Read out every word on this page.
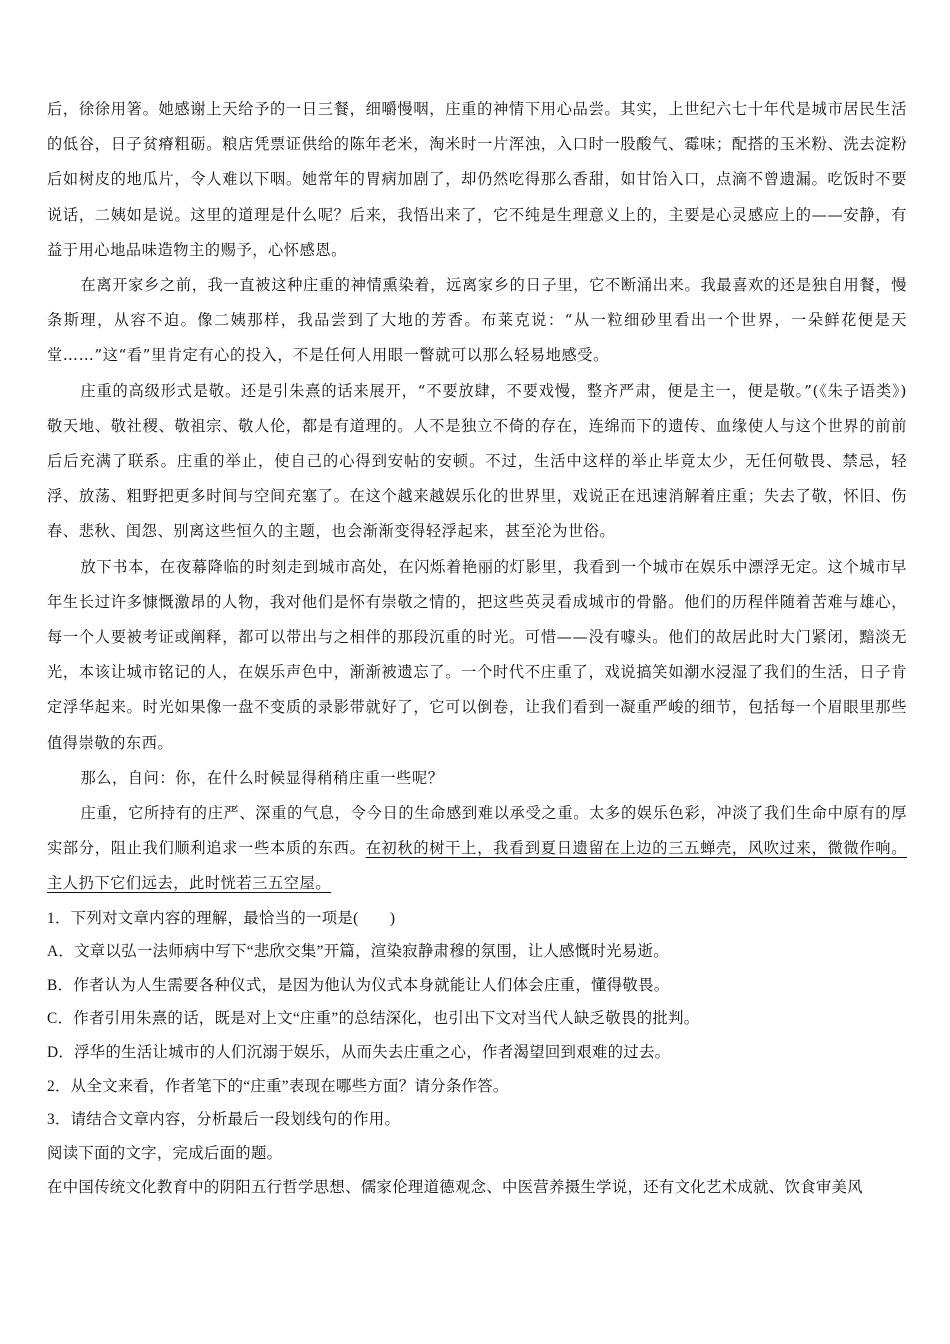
后，徐徐用箸。她感谢上天给予的一日三餐，细嚼慢咽，庄重的神情下用心品尝。其实，上世纪六七十年代是城市居民生活的低谷，日子贫瘠粗砺。粮店凭票证供给的陈年老米，淘米时一片浑浊，入口时一股酸气、霉味；配搭的玉米粉、洗去淀粉后如树皮的地瓜片，令人难以下咽。她常年的胃病加剧了，却仍然吃得那么香甜，如甘饴入口，点滴不曾遗漏。吃饭时不要说话，二姨如是说。这里的道理是什么呢？后来，我悟出来了，它不纯是生理意义上的，主要是心灵感应上的——安静，有益于用心地品味造物主的赐予，心怀感恩。

在离开家乡之前，我一直被这种庄重的神情熏染着，远离家乡的日子里，它不断涌出来。我最喜欢的还是独自用餐，慢条斯理，从容不迫。像二姨那样，我品尝到了大地的芳香。布莱克说：“从一粒细砂里看出一个世界，一朵鲜花便是天堂……”这“看”里肯定有心的投入，不是任何人用眼一瞥就可以那么轻易地感受。

庄重的高级形式是敬。还是引朱熹的话来展开，“不要放肆，不要戏慢，整齐严肃，便是主一，便是敬。”(《朱子语类》)敬天地、敬社稷、敬祖宗、敬人伦，都是有道理的。人不是独立不倚的存在，连绵而下的遗传、血缘使人与这个世界的前前后后充满了联系。庄重的举止，使自己的心得到安帖的安顿。不过，生活中这样的举止毕竟太少，无任何敬畏、禁忌，轻浮、放荡、粗野把更多时间与空间充塞了。在这个越来越娱乐化的世界里，戏说正在迅速消解着庄重；失去了敬，怀旧、伤春、悲秋、闺怨、别离这些恒久的主题，也会渐渐变得轻浮起来，甚至沦为世俗。

放下书本，在夜幕降临的时刻走到城市高处，在闪烁着艳丽的灯影里，我看到一个城市在娱乐中漂浮无定。这个城市早年生长过许多慷慨激昂的人物，我对他们是怀有崇敬之情的，把这些英灵看成城市的骨骼。他们的历程伴随着苦难与雄心，每一个人要被考证或阐释，都可以带出与之相伴的那段沉重的时光。可惜——没有噱头。他们的故居此时大门紧闭，黯淡无光，本该让城市铭记的人，在娱乐声色中，渐渐被遗忘了。一个时代不庄重了，戏说搞笑如潮水浸湿了我们的生活，日子肯定浮华起来。时光如果像一盘不变质的录影带就好了，它可以倒卷，让我们看到一凝重严峻的细节，包括每一个眉眼里那些值得崇敬的东西。

那么，自问：你，在什么时候显得稍稍庄重一些呢？

庄重，它所持有的庄严、深重的气息，令今日的生命感到难以承受之重。太多的娱乐色彩，冲淡了我们生命中原有的厚实部分，阻止我们顺利追求一些本质的东西。在初秋的树干上，我看到夏日遗留在上边的三五蝉壳，风吹过来，微微作响。主人扔下它们远去，此时恍若三五空屋。

1．下列对文章内容的理解，最恰当的一项是(　　)

A．文章以弘一法师病中写下“悲欣交集”开篇，渲染寂静肃穆的氛围，让人感慨时光易逝。

B．作者认为人生需要各种仪式，是因为他认为仪式本身就能让人们体会庄重，懂得敬畏。

C．作者引用朱熹的话，既是对上文“庄重”的总结深化，也引出下文对当代人缺乏敬畏的批判。

D．浮华的生活让城市的人们沉溺于娱乐，从而失去庄重之心，作者渴望回到艰难的过去。

2．从全文来看，作者笔下的“庄重”表现在哪些方面？请分条作答。

3．请结合文章内容，分析最后一段划线句的作用。

阅读下面的文字，完成后面的题。

在中国传统文化教育中的阴阳五行哲学思想、儒家伦理道德观念、中医营养摄生学说，还有文化艺术成就、饮食审美风
